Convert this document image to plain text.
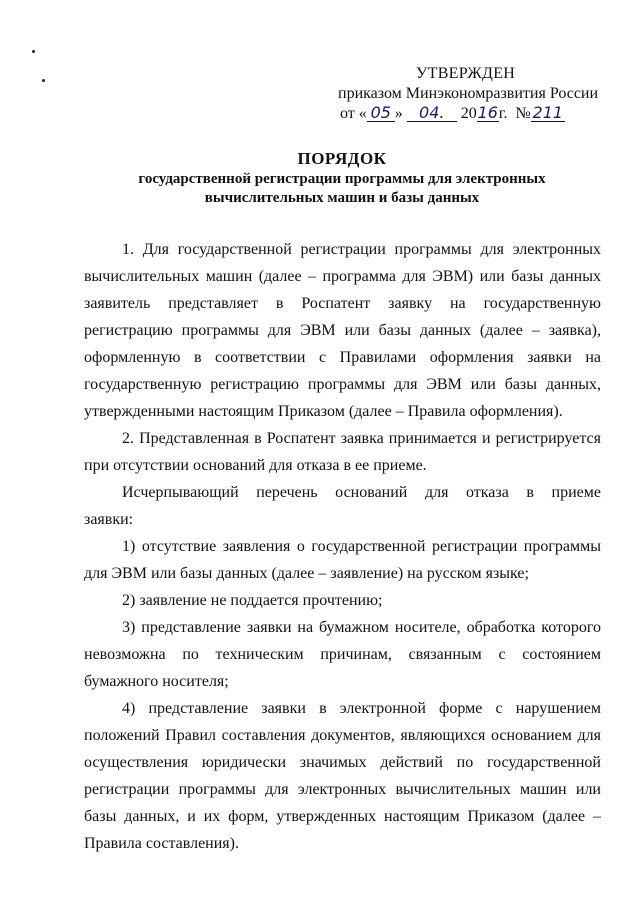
УТВЕРЖДЕН
приказом Минэкономразвития России
от « 05 » 04. 2016г. № 211
ПОРЯДОК
государственной регистрации программы для электронных
вычислительных машин и базы данных

1. Для государственной регистрации программы для электронных вычислительных машин (далее – программа для ЭВМ) или базы данных заявитель представляет в Роспатент заявку на государственную регистрацию программы для ЭВМ или базы данных (далее – заявка), оформленную в соответствии с Правилами оформления заявки на государственную регистрацию программы для ЭВМ или базы данных, утвержденными настоящим Приказом (далее – Правила оформления).

2. Представленная в Роспатент заявка принимается и регистрируется при отсутствии оснований для отказа в ее приеме.

Исчерпывающий перечень оснований для отказа в приеме

заявки:

1) отсутствие заявления о государственной регистрации программы для ЭВМ или базы данных (далее – заявление) на русском языке;

2) заявление не поддается прочтению;

3) представление заявки на бумажном носителе, обработка которого невозможна по техническим причинам, связанным с состоянием бумажного носителя;

4) представление заявки в электронной форме с нарушением положений Правил составления документов, являющихся основанием для осуществления юридически значимых действий по государственной регистрации программы для электронных вычислительных машин или базы данных, и их форм, утвержденных настоящим Приказом (далее – Правила составления).
